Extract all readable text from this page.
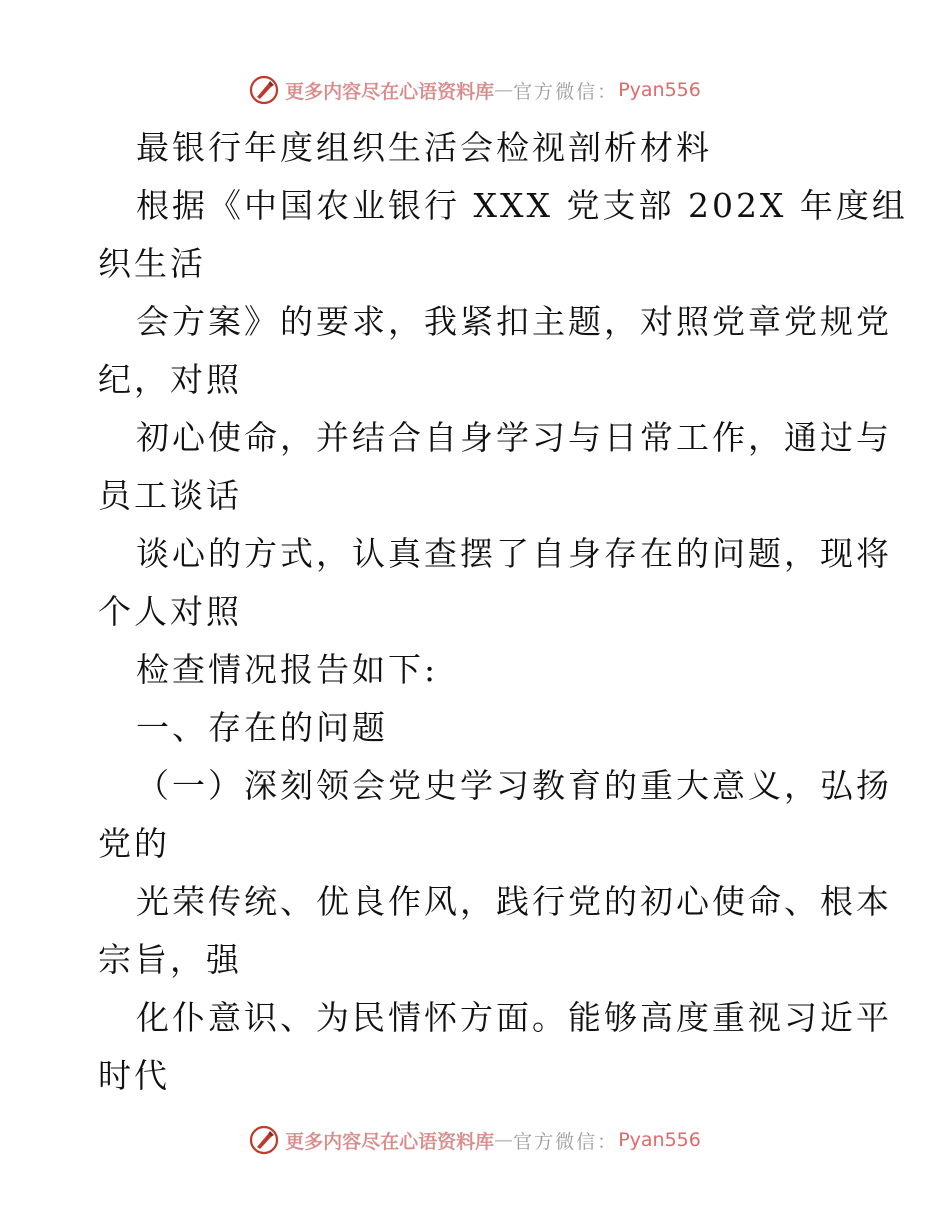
更多内容尽在心语资料库 — 官方微信： Pyan556
最银行年度组织生活会检视剖析材料
根据《中国农业银行 XXX 党支部 202X 年度组
织生活
会方案》的要求，我紧扣主题，对照党章党规党
纪，对照
初心使命，并结合自身学习与日常工作，通过与
员工谈话
谈心的方式，认真查摆了自身存在的问题，现将
个人对照
检查情况报告如下:
一、存在的问题
（一）深刻领会党史学习教育的重大意义，弘扬
党的
光荣传统、优良作风，践行党的初心使命、根本
宗旨，强
化仆意识、为民情怀方面。能够高度重视习近平
时代
更多内容尽在心语资料库 — 官方微信： Pyan556
